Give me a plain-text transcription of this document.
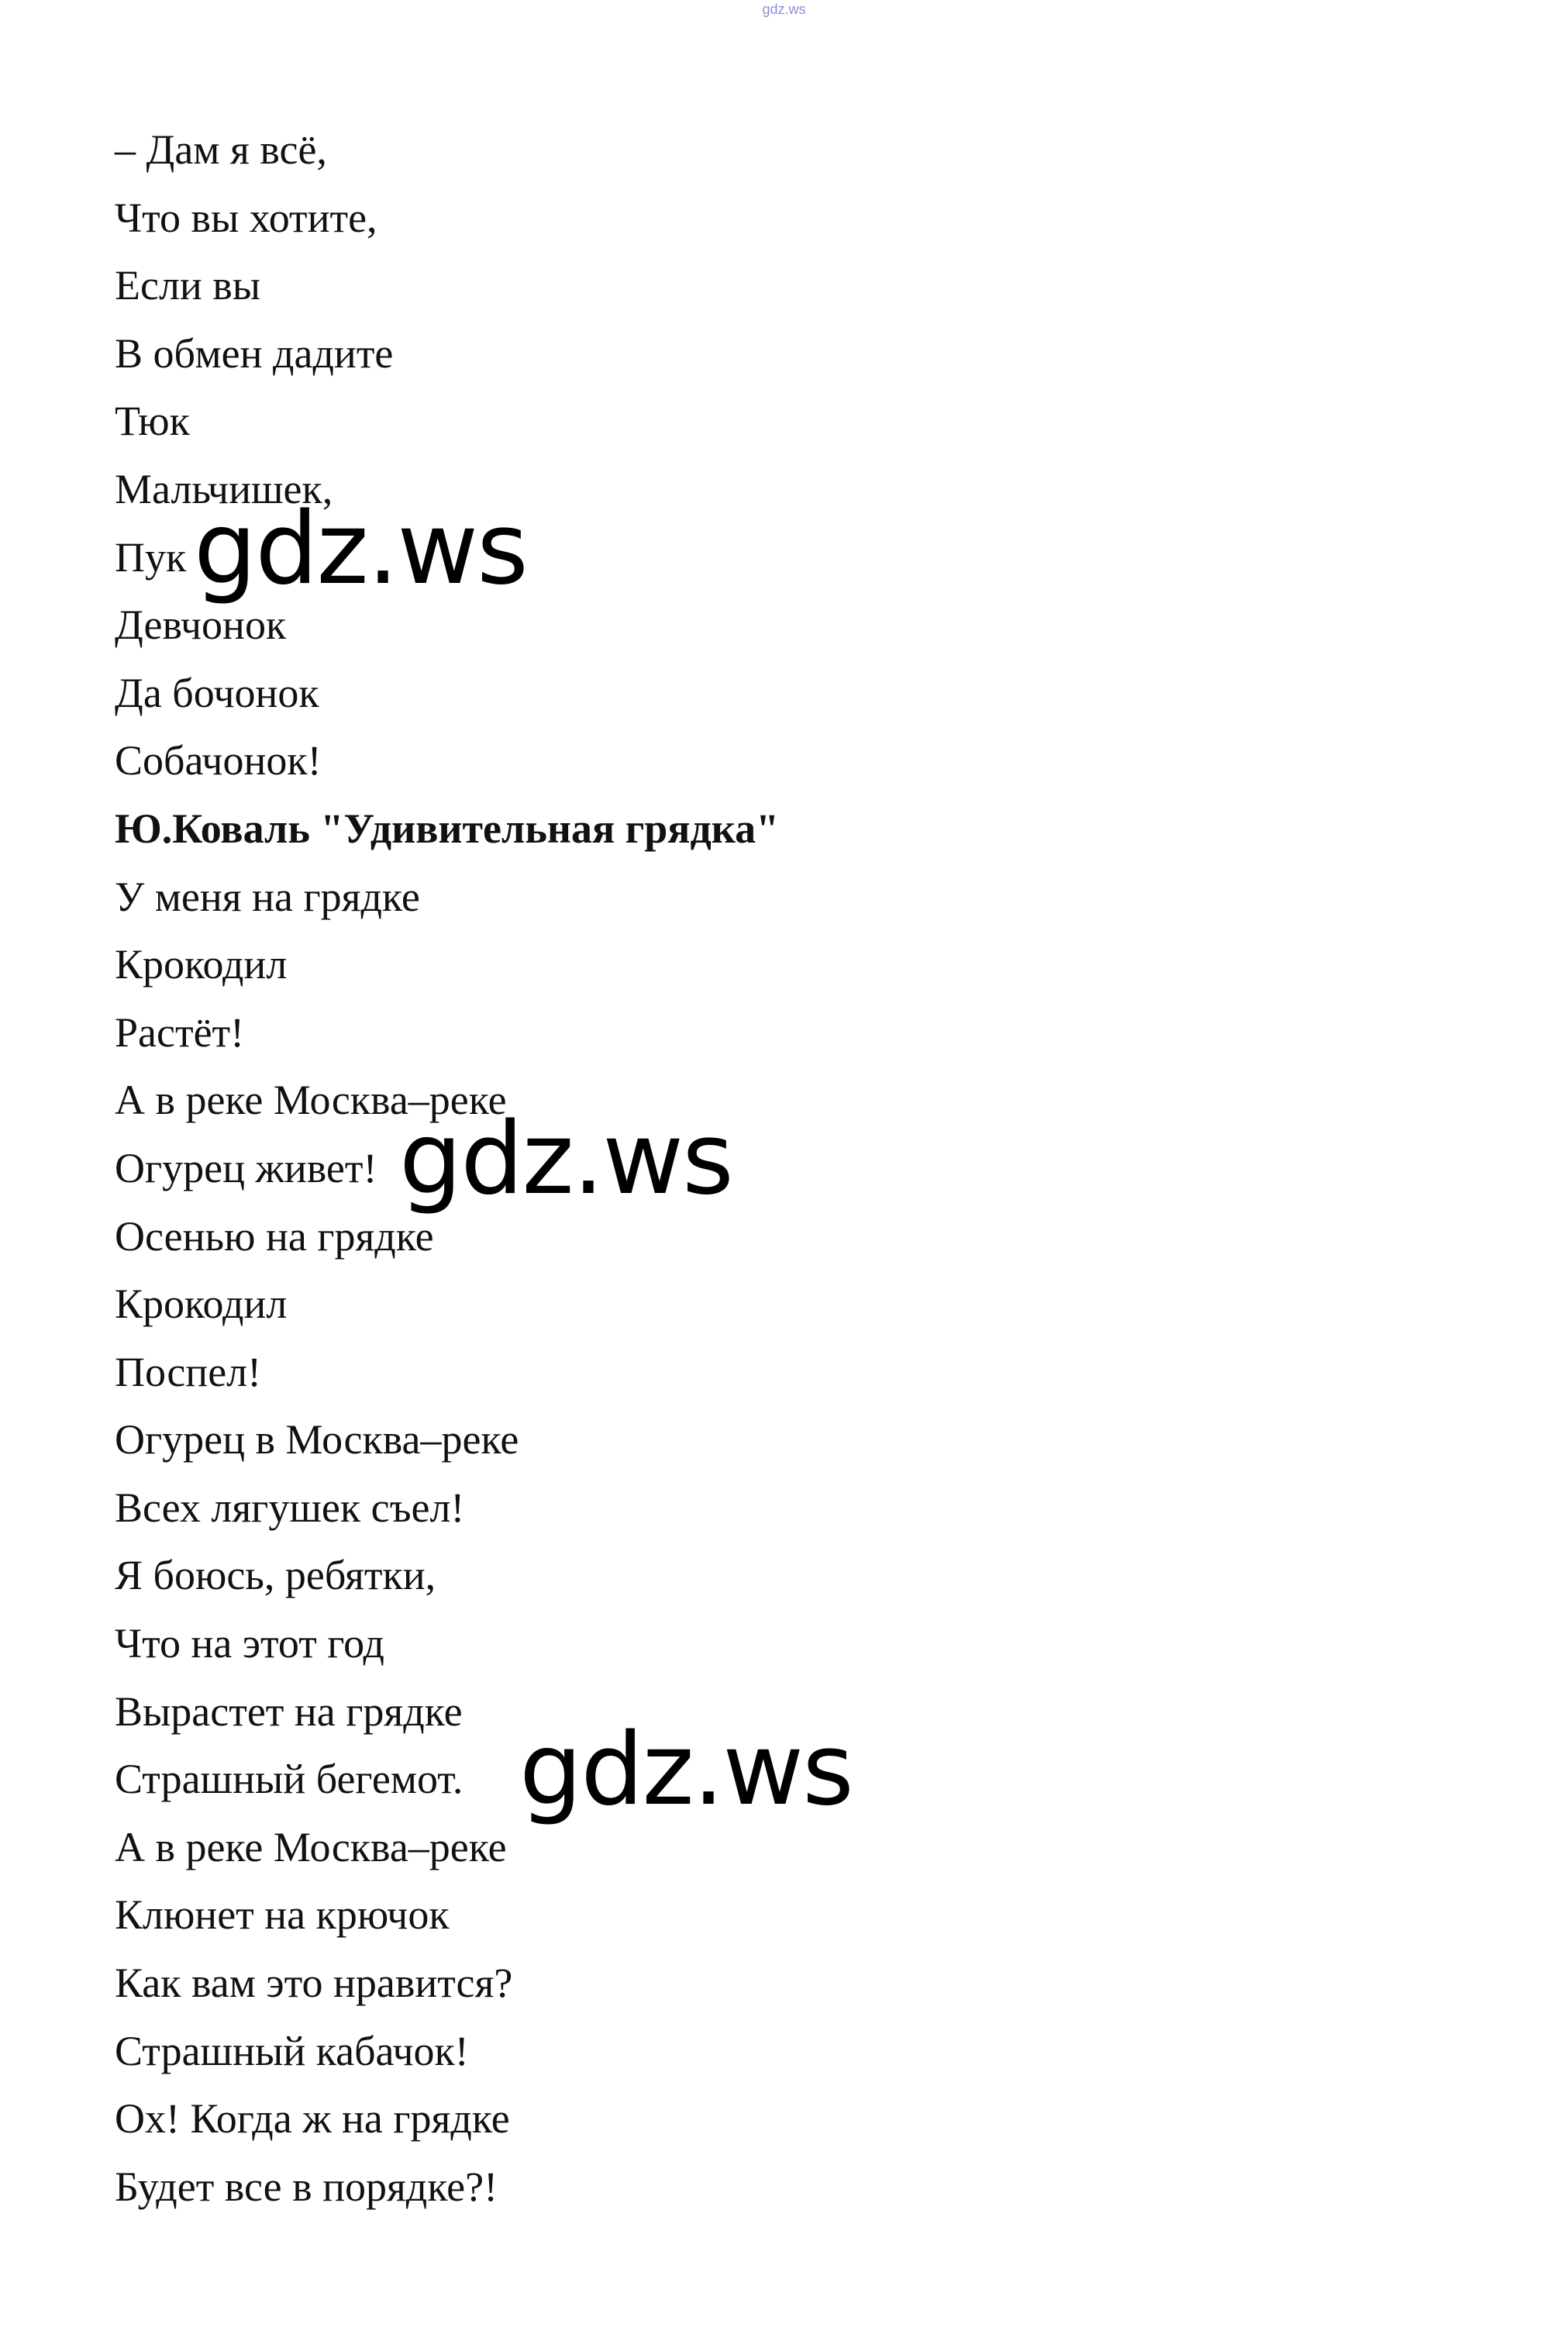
gdz.ws
– Дам я всё,
Что вы хотите,
Если вы
В обмен дадите
Тюк
Мальчишек,
Пук
Девчонок
Да бочонок
Собачонок!
Ю.Коваль "Удивительная грядка"
У меня на грядке
Крокодил
Растёт!
А в реке Москва–реке
Огурец живет!
Осенью на грядке
Крокодил
Поспел!
Огурец в Москва–реке
Всех лягушек съел!
Я боюсь, ребятки,
Что на этот год
Вырастет на грядке
Страшный бегемот.
А в реке Москва–реке
Клюнет на крючок
Как вам это нравится?
Страшный кабачок!
Ох! Когда ж на грядке
Будет все в порядке?!
gdz.ws
gdz.ws
gdz.ws
